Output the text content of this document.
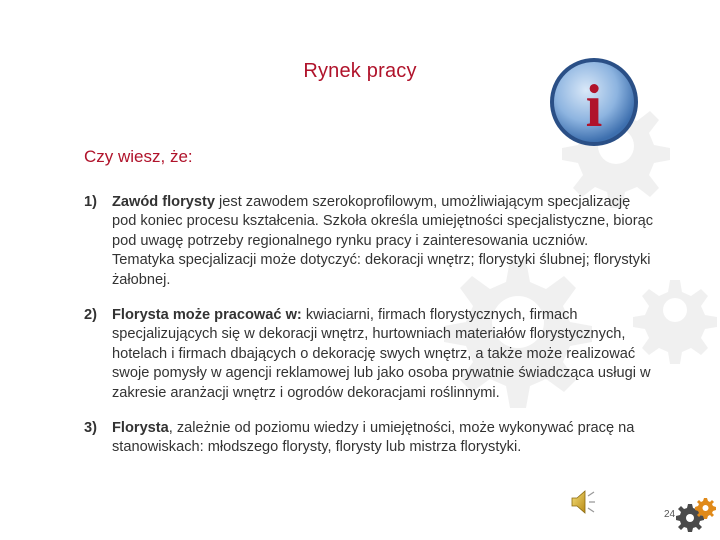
Rynek pracy
i
Czy wiesz, że:
1) Zawód florysty jest zawodem szerokoprofilowym, umożliwiającym specjalizację pod koniec procesu kształcenia. Szkoła określa umiejętności specjalistyczne, biorąc pod uwagę potrzeby regionalnego rynku pracy i zainteresowania uczniów. Tematyka specjalizacji może dotyczyć: dekoracji wnętrz; florystyki ślubnej; florystyki żałobnej.
2) Florysta może pracować w: kwiaciarni, firmach florystycznych, firmach specjalizujących się w dekoracji wnętrz, hurtowniach materiałów florystycznych, hotelach i firmach dbających o dekorację swych wnętrz, a także może realizować swoje pomysły w agencji reklamowej lub jako osoba prywatnie świadcząca usługi w zakresie aranżacji wnętrz i ogrodów dekoracjami roślinnymi.
3) Florysta, zależnie od poziomu wiedzy i umiejętności, może wykonywać pracę na stanowiskach: młodszego florysty, florysty lub mistrza florystyki.
24
